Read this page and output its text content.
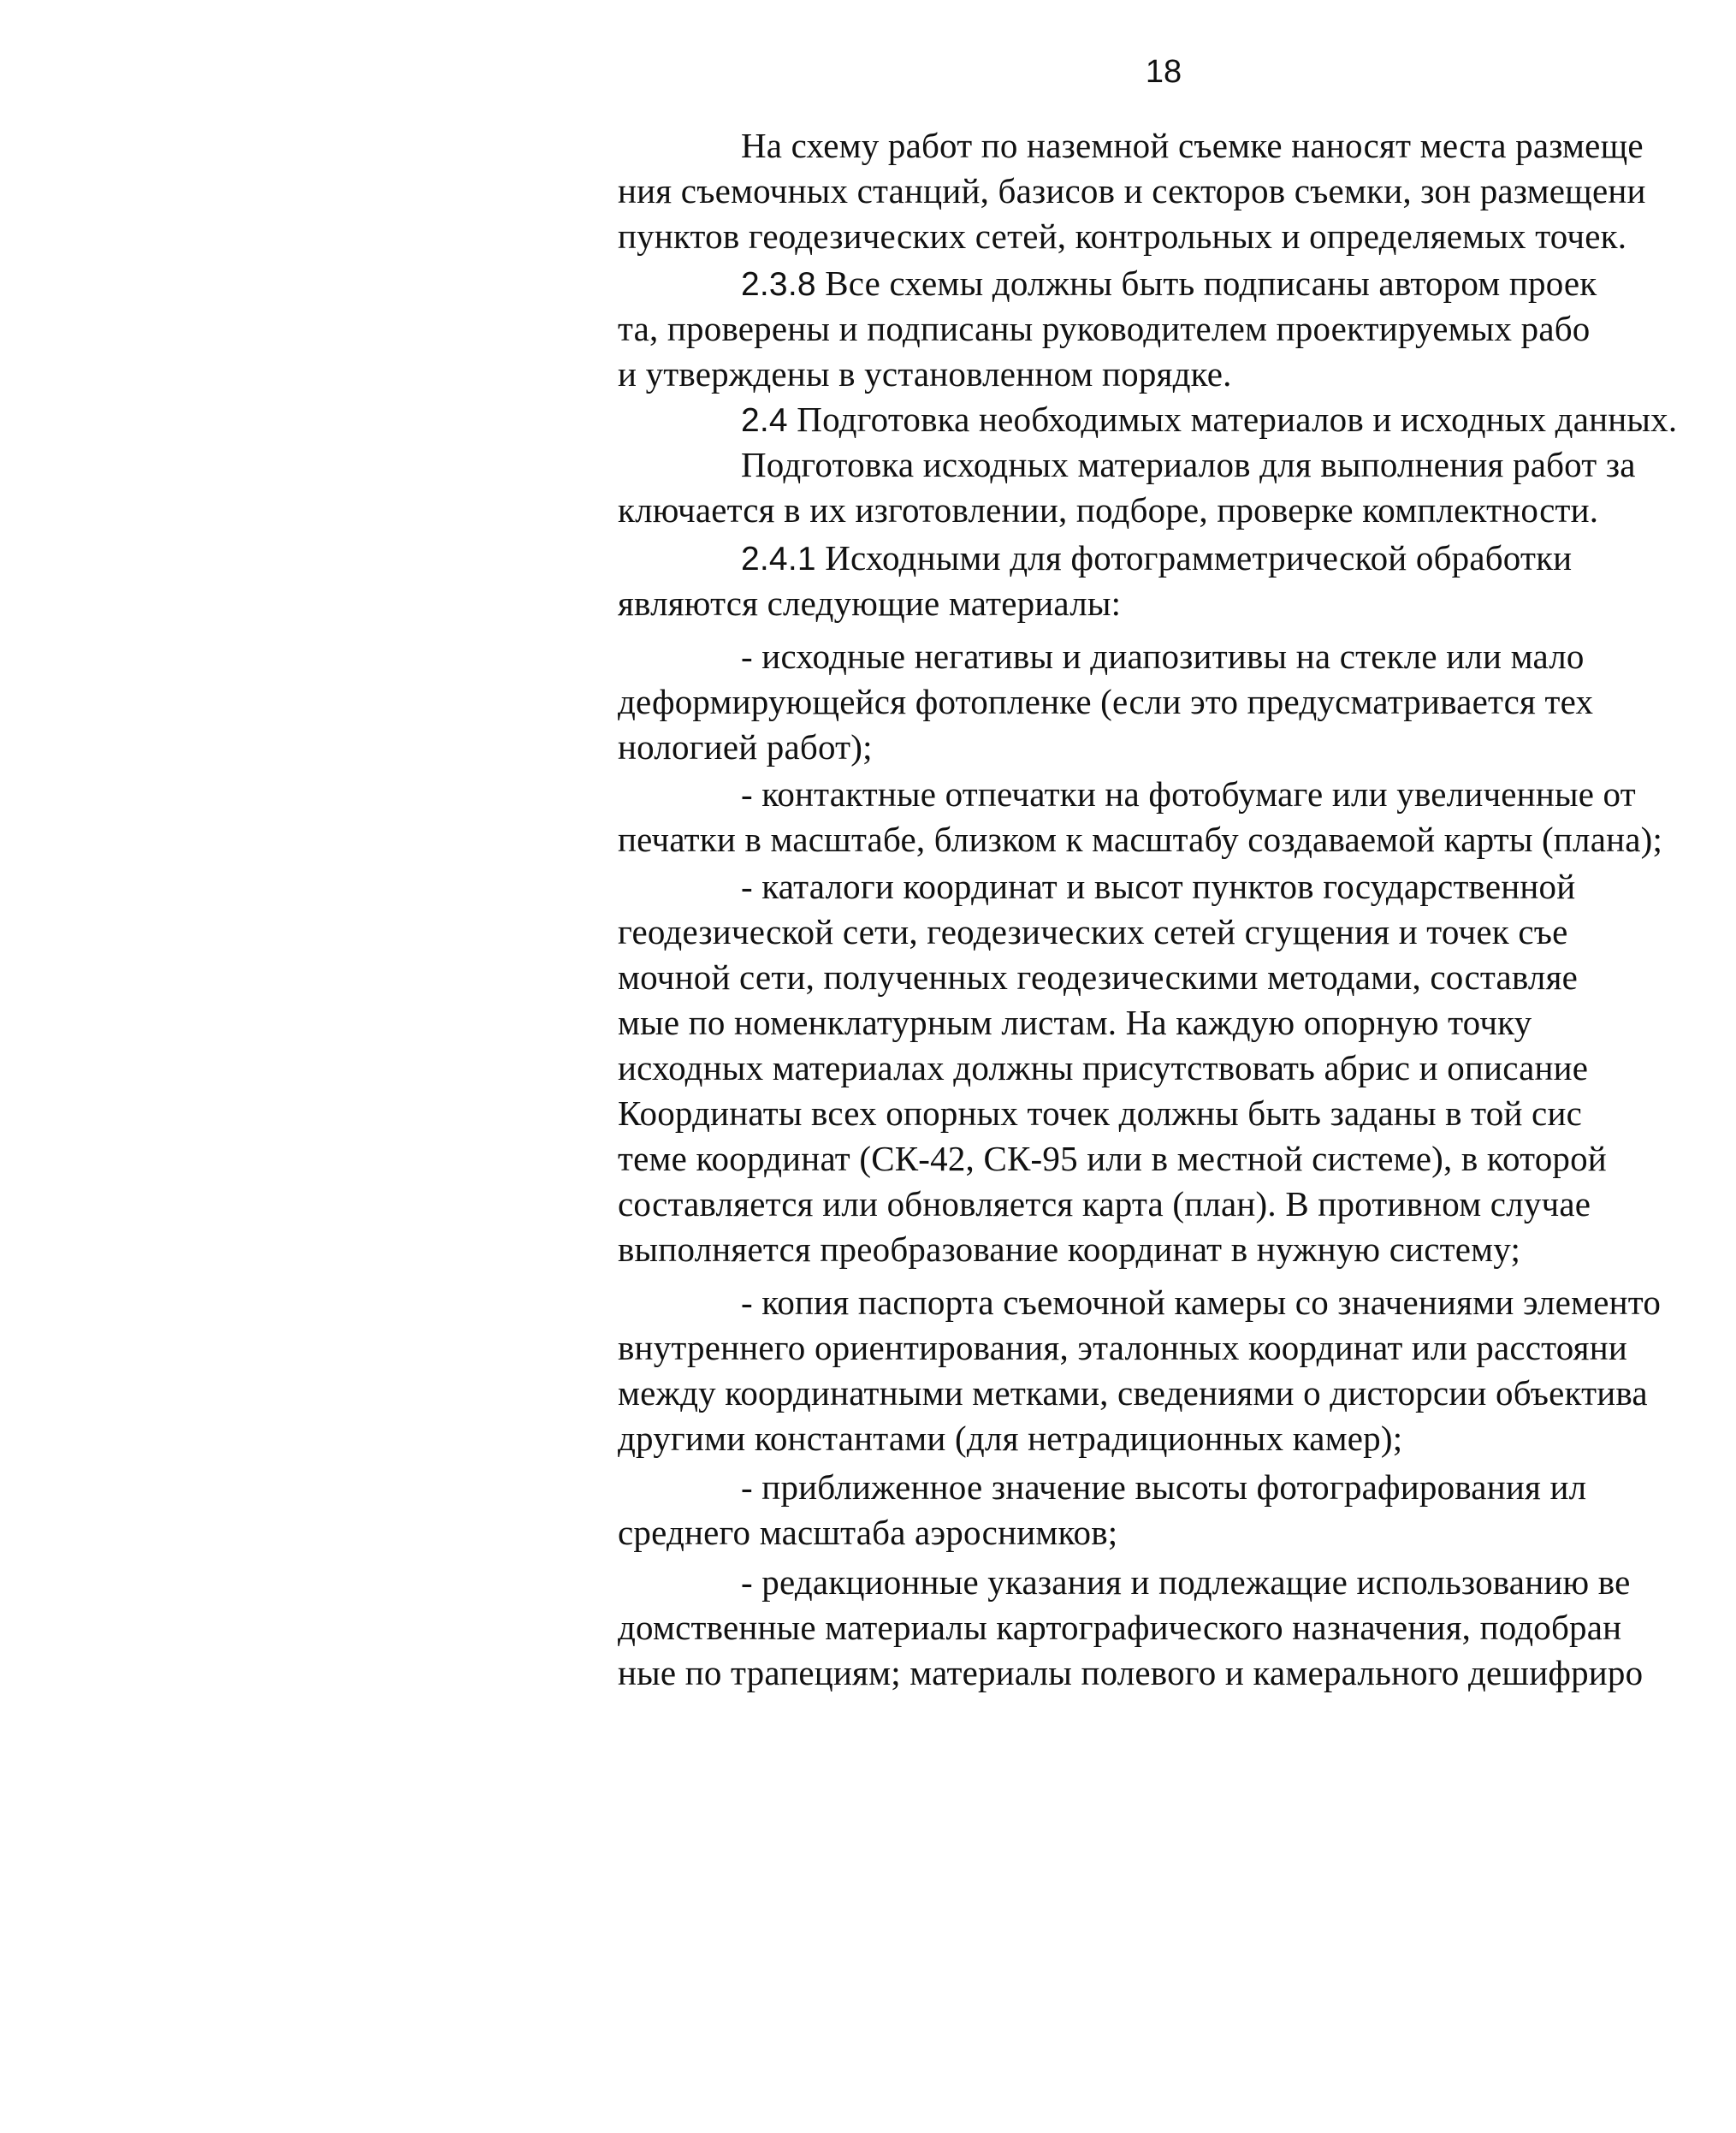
18
На схему работ по наземной съемке наносят места размеще
ния съемочных станций, базисов и секторов съемки, зон размещени
пунктов геодезических сетей, контрольных и определяемых точек.
2.3.8 Все схемы должны быть подписаны автором проек
та, проверены и подписаны руководителем проектируемых рабо
и утверждены в установленном порядке.
2.4 Подготовка необходимых материалов и исходных данных.
Подготовка исходных материалов для выполнения работ за
ключается в их изготовлении, подборе, проверке комплектности.
2.4.1 Исходными для фотограмметрической обработки
являются следующие материалы:
- исходные негативы и диапозитивы на стекле или мало
деформирующейся фотопленке (если это предусматривается тех
нологией работ);
- контактные отпечатки на фотобумаге или увеличенные от
печатки в масштабе, близком к масштабу создаваемой карты (плана);
- каталоги координат и высот пунктов государственной
геодезической сети, геодезических сетей сгущения и точек съе
мочной сети, полученных геодезическими методами, составляе
мые по номенклатурным листам. На каждую опорную точку
исходных материалах должны присутствовать абрис и описание
Координаты всех опорных точек должны быть заданы в той сис
теме координат (СК-42, СК-95 или в местной системе), в которой
составляется или обновляется карта (план). В противном случае
выполняется преобразование координат в нужную систему;
- копия паспорта съемочной камеры со значениями элементо
внутреннего ориентирования, эталонных координат или расстояни
между координатными метками, сведениями о дисторсии объектива
другими константами (для нетрадиционных камер);
- приближенное значение высоты фотографирования ил
среднего масштаба аэроснимков;
- редакционные указания и подлежащие использованию ве
домственные материалы картографического назначения, подобран
ные по трапециям; материалы полевого и камерального дешифриро
